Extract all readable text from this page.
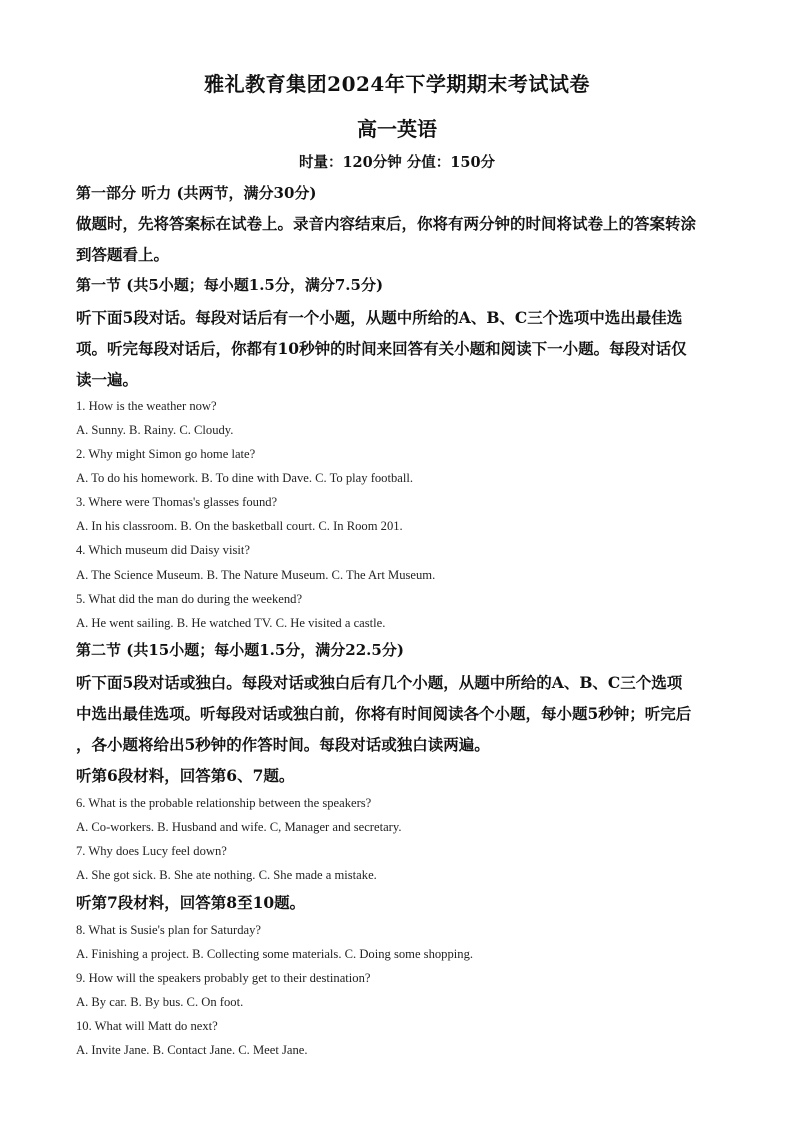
雅礼教育集团2024年下学期期末考试试卷
高一英语
时量：120分钟 分值：150分
第一部分 听力 (共两节，满分30分)
做题时，先将答案标在试卷上。录音内容结束后，你将有两分钟的时间将试卷上的答案转涂
到答题看上。
第一节 (共5小题；每小题1.5分，满分7.5分)
听下面5段对话。每段对话后有一个小题，从题中所给的A、B、C三个选项中选出最佳选
项。听完每段对话后，你都有10秒钟的时间来回答有关小题和阅读下一小题。每段对话仅
读一遍。
1. How is the weather now?
A. Sunny. B. Rainy. C. Cloudy.
2. Why might Simon go home late?
A. To do his homework. B. To dine with Dave. C. To play football.
3. Where were Thomas's glasses found?
A. In his classroom. B. On the basketball court. C. In Room 201.
4. Which museum did Daisy visit?
A. The Science Museum. B. The Nature Museum. C. The Art Museum.
5. What did the man do during the weekend?
A. He went sailing. B. He watched TV. C. He visited a castle.
第二节 (共15小题；每小题1.5分，满分22.5分)
听下面5段对话或独白。每段对话或独白后有几个小题，从题中所给的A、B、C三个选项
中选出最佳选项。听每段对话或独白前，你将有时间阅读各个小题，每小题5秒钟；听完后
，各小题将给出5秒钟的作答时间。每段对话或独白读两遍。
听第6段材料，回答第6、7题。
6. What is the probable relationship between the speakers?
A. Co-workers. B. Husband and wife. C, Manager and secretary.
7. Why does Lucy feel down?
A. She got sick. B. She ate nothing. C. She made a mistake.
听第7段材料，回答第8至10题。
8. What is Susie's plan for Saturday?
A. Finishing a project. B. Collecting some materials. C. Doing some shopping.
9. How will the speakers probably get to their destination?
A. By car. B. By bus. C. On foot.
10. What will Matt do next?
A. Invite Jane. B. Contact Jane. C. Meet Jane.
